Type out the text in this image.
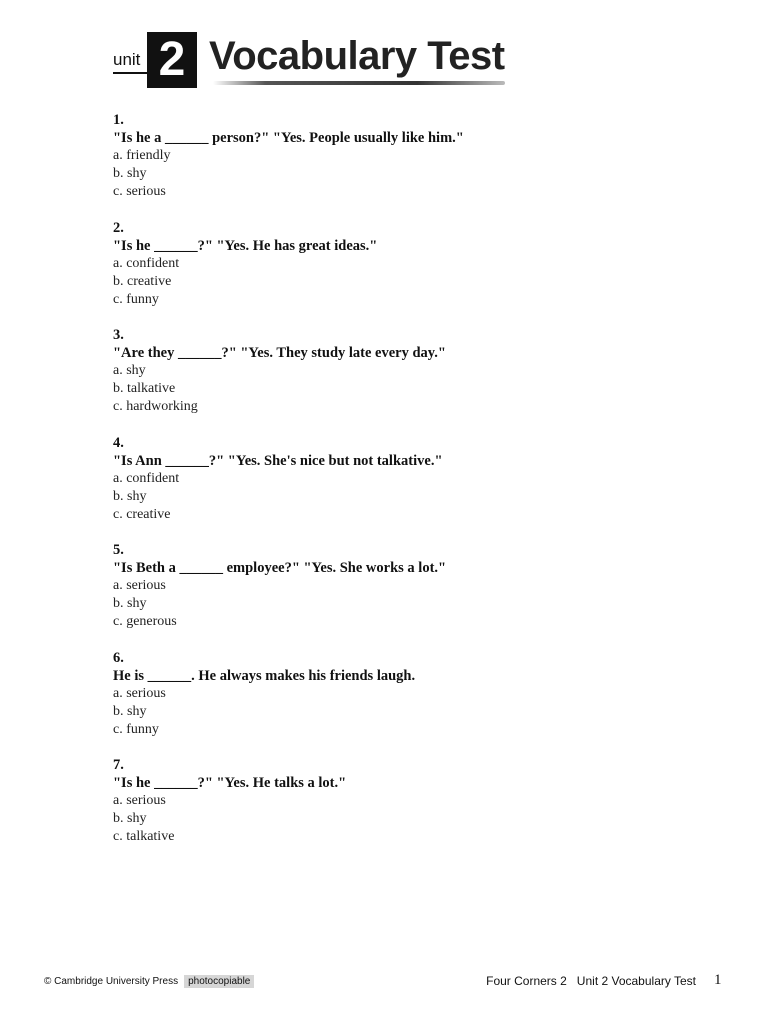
unit 2 Vocabulary Test
1.
"Is he a ______ person?" "Yes. People usually like him."
a. friendly
b. shy
c. serious
2.
"Is he ______?" "Yes. He has great ideas."
a. confident
b. creative
c. funny
3.
"Are they ______?" "Yes. They study late every day."
a. shy
b. talkative
c. hardworking
4.
"Is Ann ______?" "Yes. She's nice but not talkative."
a. confident
b. shy
c. creative
5.
"Is Beth a ______ employee?" "Yes. She works a lot."
a. serious
b. shy
c. generous
6.
He is ______. He always makes his friends laugh.
a. serious
b. shy
c. funny
7.
"Is he ______?" "Yes. He talks a lot."
a. serious
b. shy
c. talkative
© Cambridge University Press	photocopiable	Four Corners 2   Unit 2 Vocabulary Test 1
